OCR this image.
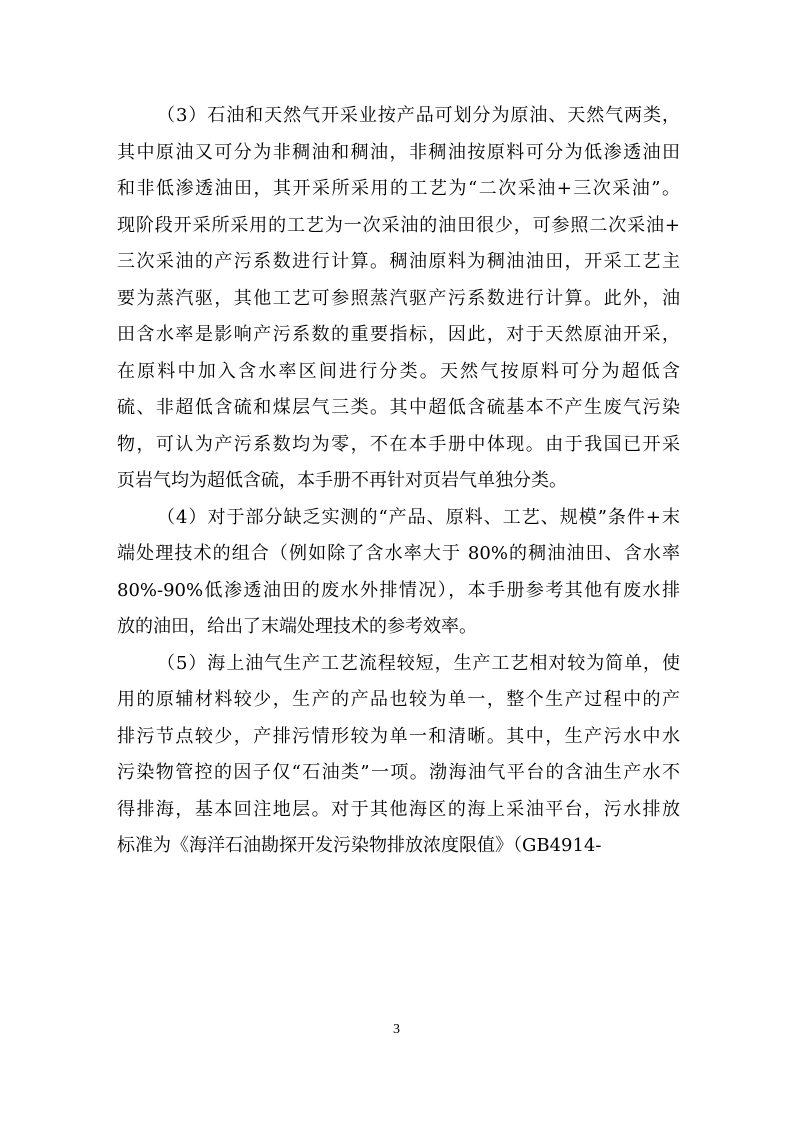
（3）石油和天然气开采业按产品可划分为原油、天然气两类，
其中原油又可分为非稠油和稠油，非稠油按原料可分为低渗透油田
和非低渗透油田，其开采所采用的工艺为“二次采油+三次采油”。
现阶段开采所采用的工艺为一次采油的油田很少，可参照二次采油+
三次采油的产污系数进行计算。稠油原料为稠油油田，开采工艺主
要为蒸汽驱，其他工艺可参照蒸汽驱产污系数进行计算。此外，油
田含水率是影响产污系数的重要指标，因此，对于天然原油开采，
在原料中加入含水率区间进行分类。天然气按原料可分为超低含
硫、非超低含硫和煤层气三类。其中超低含硫基本不产生废气污染
物，可认为产污系数均为零，不在本手册中体现。由于我国已开采
页岩气均为超低含硫，本手册不再针对页岩气单独分类。
（4）对于部分缺乏实测的“产品、原料、工艺、规模”条件+末
端处理技术的组合（例如除了含水率大于 80%的稠油油田、含水率
80%-90%低渗透油田的废水外排情况），本手册参考其他有废水排
放的油田，给出了末端处理技术的参考效率。
（5）海上油气生产工艺流程较短，生产工艺相对较为简单，使
用的原辅材料较少，生产的产品也较为单一，整个生产过程中的产
排污节点较少，产排污情形较为单一和清晰。其中，生产污水中水
污染物管控的因子仅“石油类”一项。渤海油气平台的含油生产水不
得排海，基本回注地层。对于其他海区的海上采油平台，污水排放
标准为《海洋石油勘探开发污染物排放浓度限值》（GB4914-
3
